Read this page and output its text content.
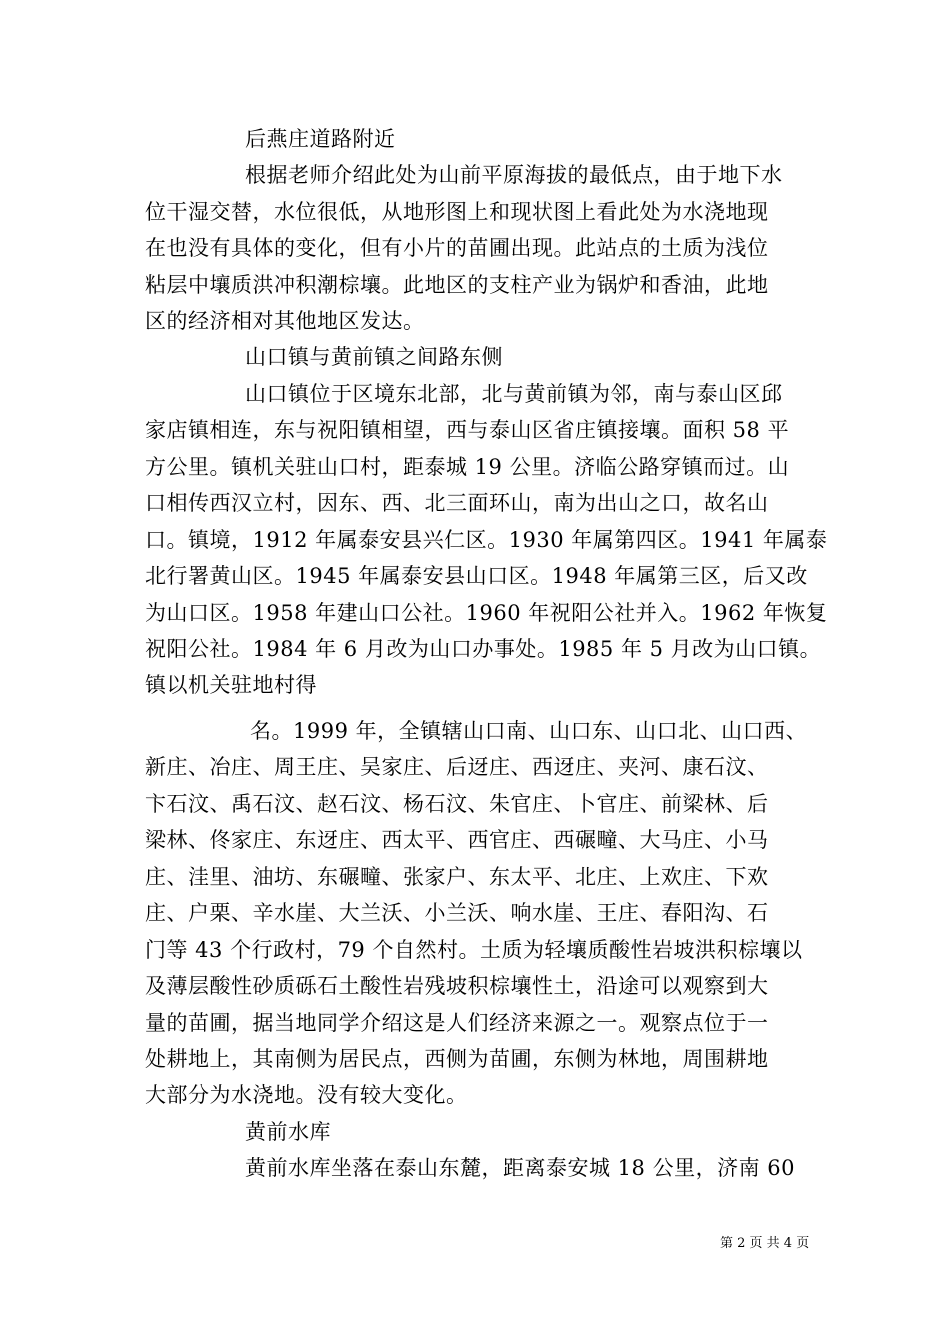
后燕庄道路附近
根据老师介绍此处为山前平原海拔的最低点，由于地下水
位干湿交替，水位很低，从地形图上和现状图上看此处为水浇地现
在也没有具体的变化，但有小片的苗圃出现。此站点的土质为浅位
粘层中壤质洪冲积潮棕壤。此地区的支柱产业为锅炉和香油，此地
区的经济相对其他地区发达。
山口镇与黄前镇之间路东侧
山口镇位于区境东北部，北与黄前镇为邻，南与泰山区邱
家店镇相连，东与祝阳镇相望，西与泰山区省庄镇接壤。面积 58 平
方公里。镇机关驻山口村，距泰城 19 公里。济临公路穿镇而过。山
口相传西汉立村，因东、西、北三面环山，南为出山之口，故名山
口。镇境，1912 年属泰安县兴仁区。1930 年属第四区。1941 年属泰
北行署黄山区。1945 年属泰安县山口区。1948 年属第三区，后又改
为山口区。1958 年建山口公社。1960 年祝阳公社并入。1962 年恢复
祝阳公社。1984 年 6 月改为山口办事处。1985 年 5 月改为山口镇。
镇以机关驻地村得
名。1999 年，全镇辖山口南、山口东、山口北、山口西、
新庄、冶庄、周王庄、吴家庄、后迓庄、西迓庄、夹河、康石汶、
卞石汶、禹石汶、赵石汶、杨石汶、朱官庄、卜官庄、前梁林、后
梁林、佟家庄、东迓庄、西太平、西官庄、西碾疃、大马庄、小马
庄、洼里、油坊、东碾疃、张家户、东太平、北庄、上欢庄、下欢
庄、户栗、辛水崖、大兰沃、小兰沃、响水崖、王庄、春阳沟、石
门等 43 个行政村，79 个自然村。土质为轻壤质酸性岩坡洪积棕壤以
及薄层酸性砂质砾石土酸性岩残坡积棕壤性土，沿途可以观察到大
量的苗圃，据当地同学介绍这是人们经济来源之一。观察点位于一
处耕地上，其南侧为居民点，西侧为苗圃，东侧为林地，周围耕地
大部分为水浇地。没有较大变化。
黄前水库
黄前水库坐落在泰山东麓，距离泰安城 18 公里，济南 60
第 2 页 共 4 页
